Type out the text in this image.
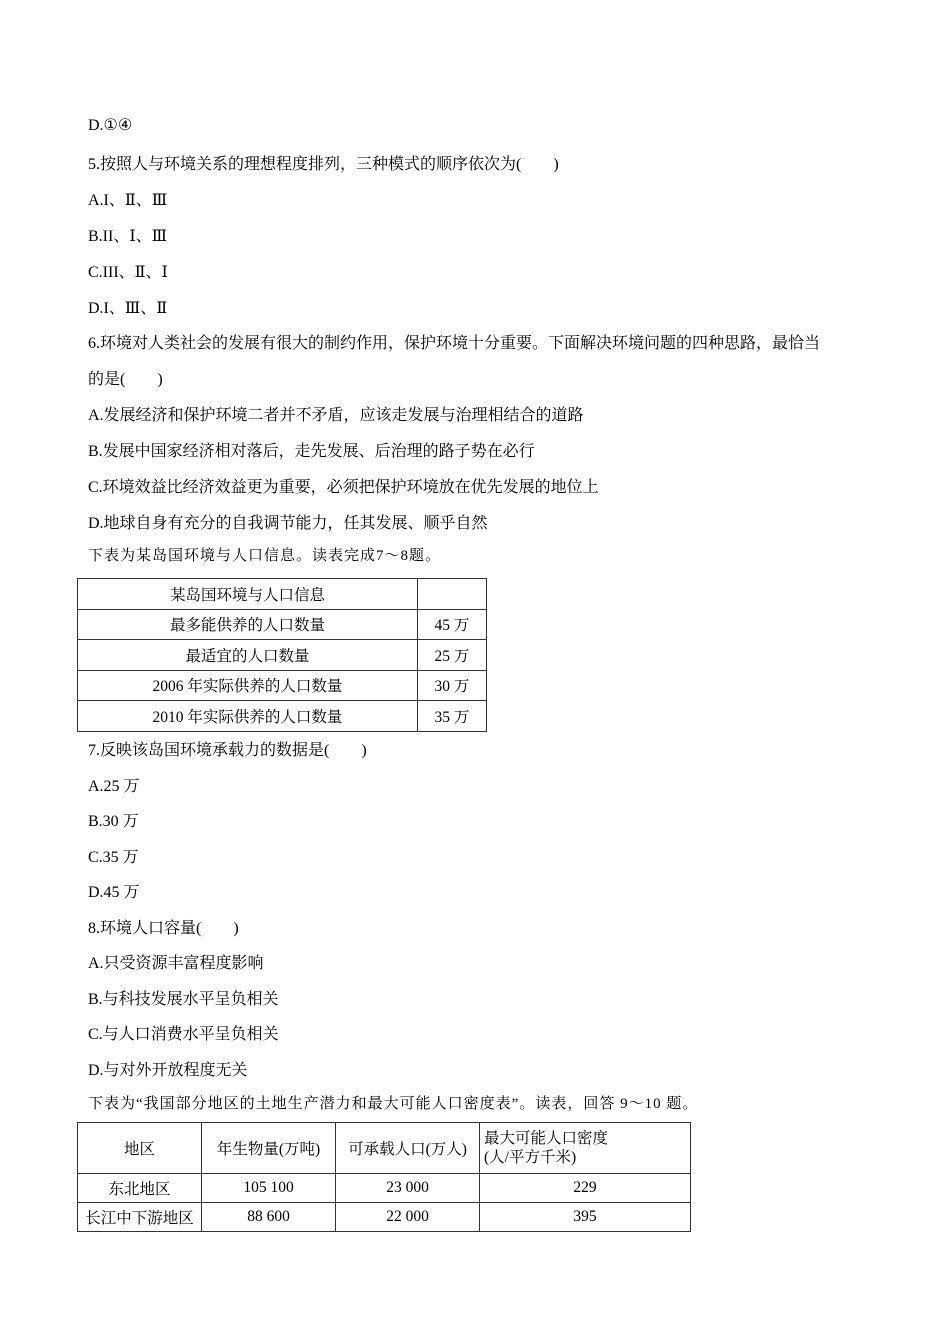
下表为某岛国环境与人口信息。读表完成7～8题。
某岛国环境与人口信息	
最多能供养的人口数量	45 万
最适宜的人口数量	25 万
2006 年实际供养的人口数量	30 万
2010 年实际供养的人口数量	35 万
下表为“我国部分地区的土地生产潜力和最大可能人口密度表”。读表，回答 9～10 题。
地区	年生物量(万吨)	可承载人口(万人)	最大可能人口密度
(人/平方千米)
东北地区	105 100	23 000	229
长江中下游地区	88 600	22 000	395
D.①④
5.按照人与环境关系的理想程度排列，三种模式的顺序依次为(　　)
A.I、Ⅱ、Ⅲ
B.II、Ⅰ、Ⅲ
C.III、Ⅱ、Ⅰ
D.I、Ⅲ、Ⅱ
6.环境对人类社会的发展有很大的制约作用，保护环境十分重要。下面解决环境问题的四种思路，最恰当
的是(　　)
A.发展经济和保护环境二者并不矛盾，应该走发展与治理相结合的道路
B.发展中国家经济相对落后，走先发展、后治理的路子势在必行
C.环境效益比经济效益更为重要，必须把保护环境放在优先发展的地位上
D.地球自身有充分的自我调节能力，任其发展、顺乎自然
7.反映该岛国环境承载力的数据是(　　)
A.25 万
B.30 万
C.35 万
D.45 万
8.环境人口容量(　　)
A.只受资源丰富程度影响
B.与科技发展水平呈负相关
C.与人口消费水平呈负相关
D.与对外开放程度无关
